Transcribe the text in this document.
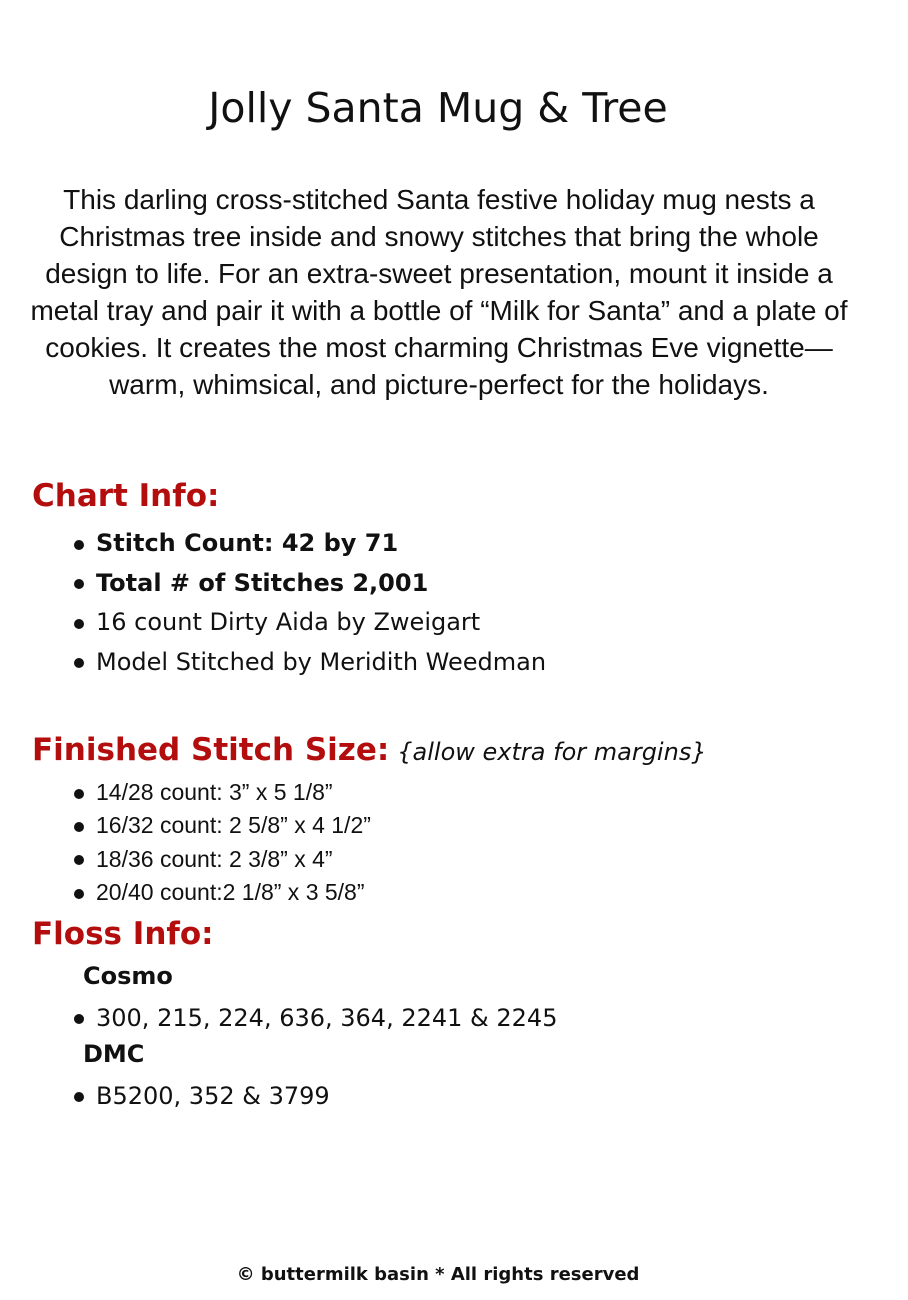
Jolly Santa Mug & Tree

This darling cross-stitched Santa festive holiday mug nests a Christmas tree inside and snowy stitches that bring the whole design to life. For an extra-sweet presentation, mount it inside a metal tray and pair it with a bottle of “Milk for Santa” and a plate of cookies. It creates the most charming Christmas Eve vignette—warm, whimsical, and picture-perfect for the holidays.

Chart Info:
Stitch Count: 42 by 71
Total # of Stitches 2,001
16 count Dirty Aida by Zweigart
Model Stitched by Meridith Weedman
Finished Stitch Size: {allow extra for margins}
14/28 count: 3” x 5 1/8”
16/32 count: 2 5/8” x 4 1/2”
18/36 count: 2 3/8” x 4”
20/40 count:2 1/8” x 3 5/8”
Floss Info:

Cosmo

300, 215, 224, 636, 364, 2241 & 2245

DMC

B5200, 352 & 3799

© buttermilk basin * All rights reserved
